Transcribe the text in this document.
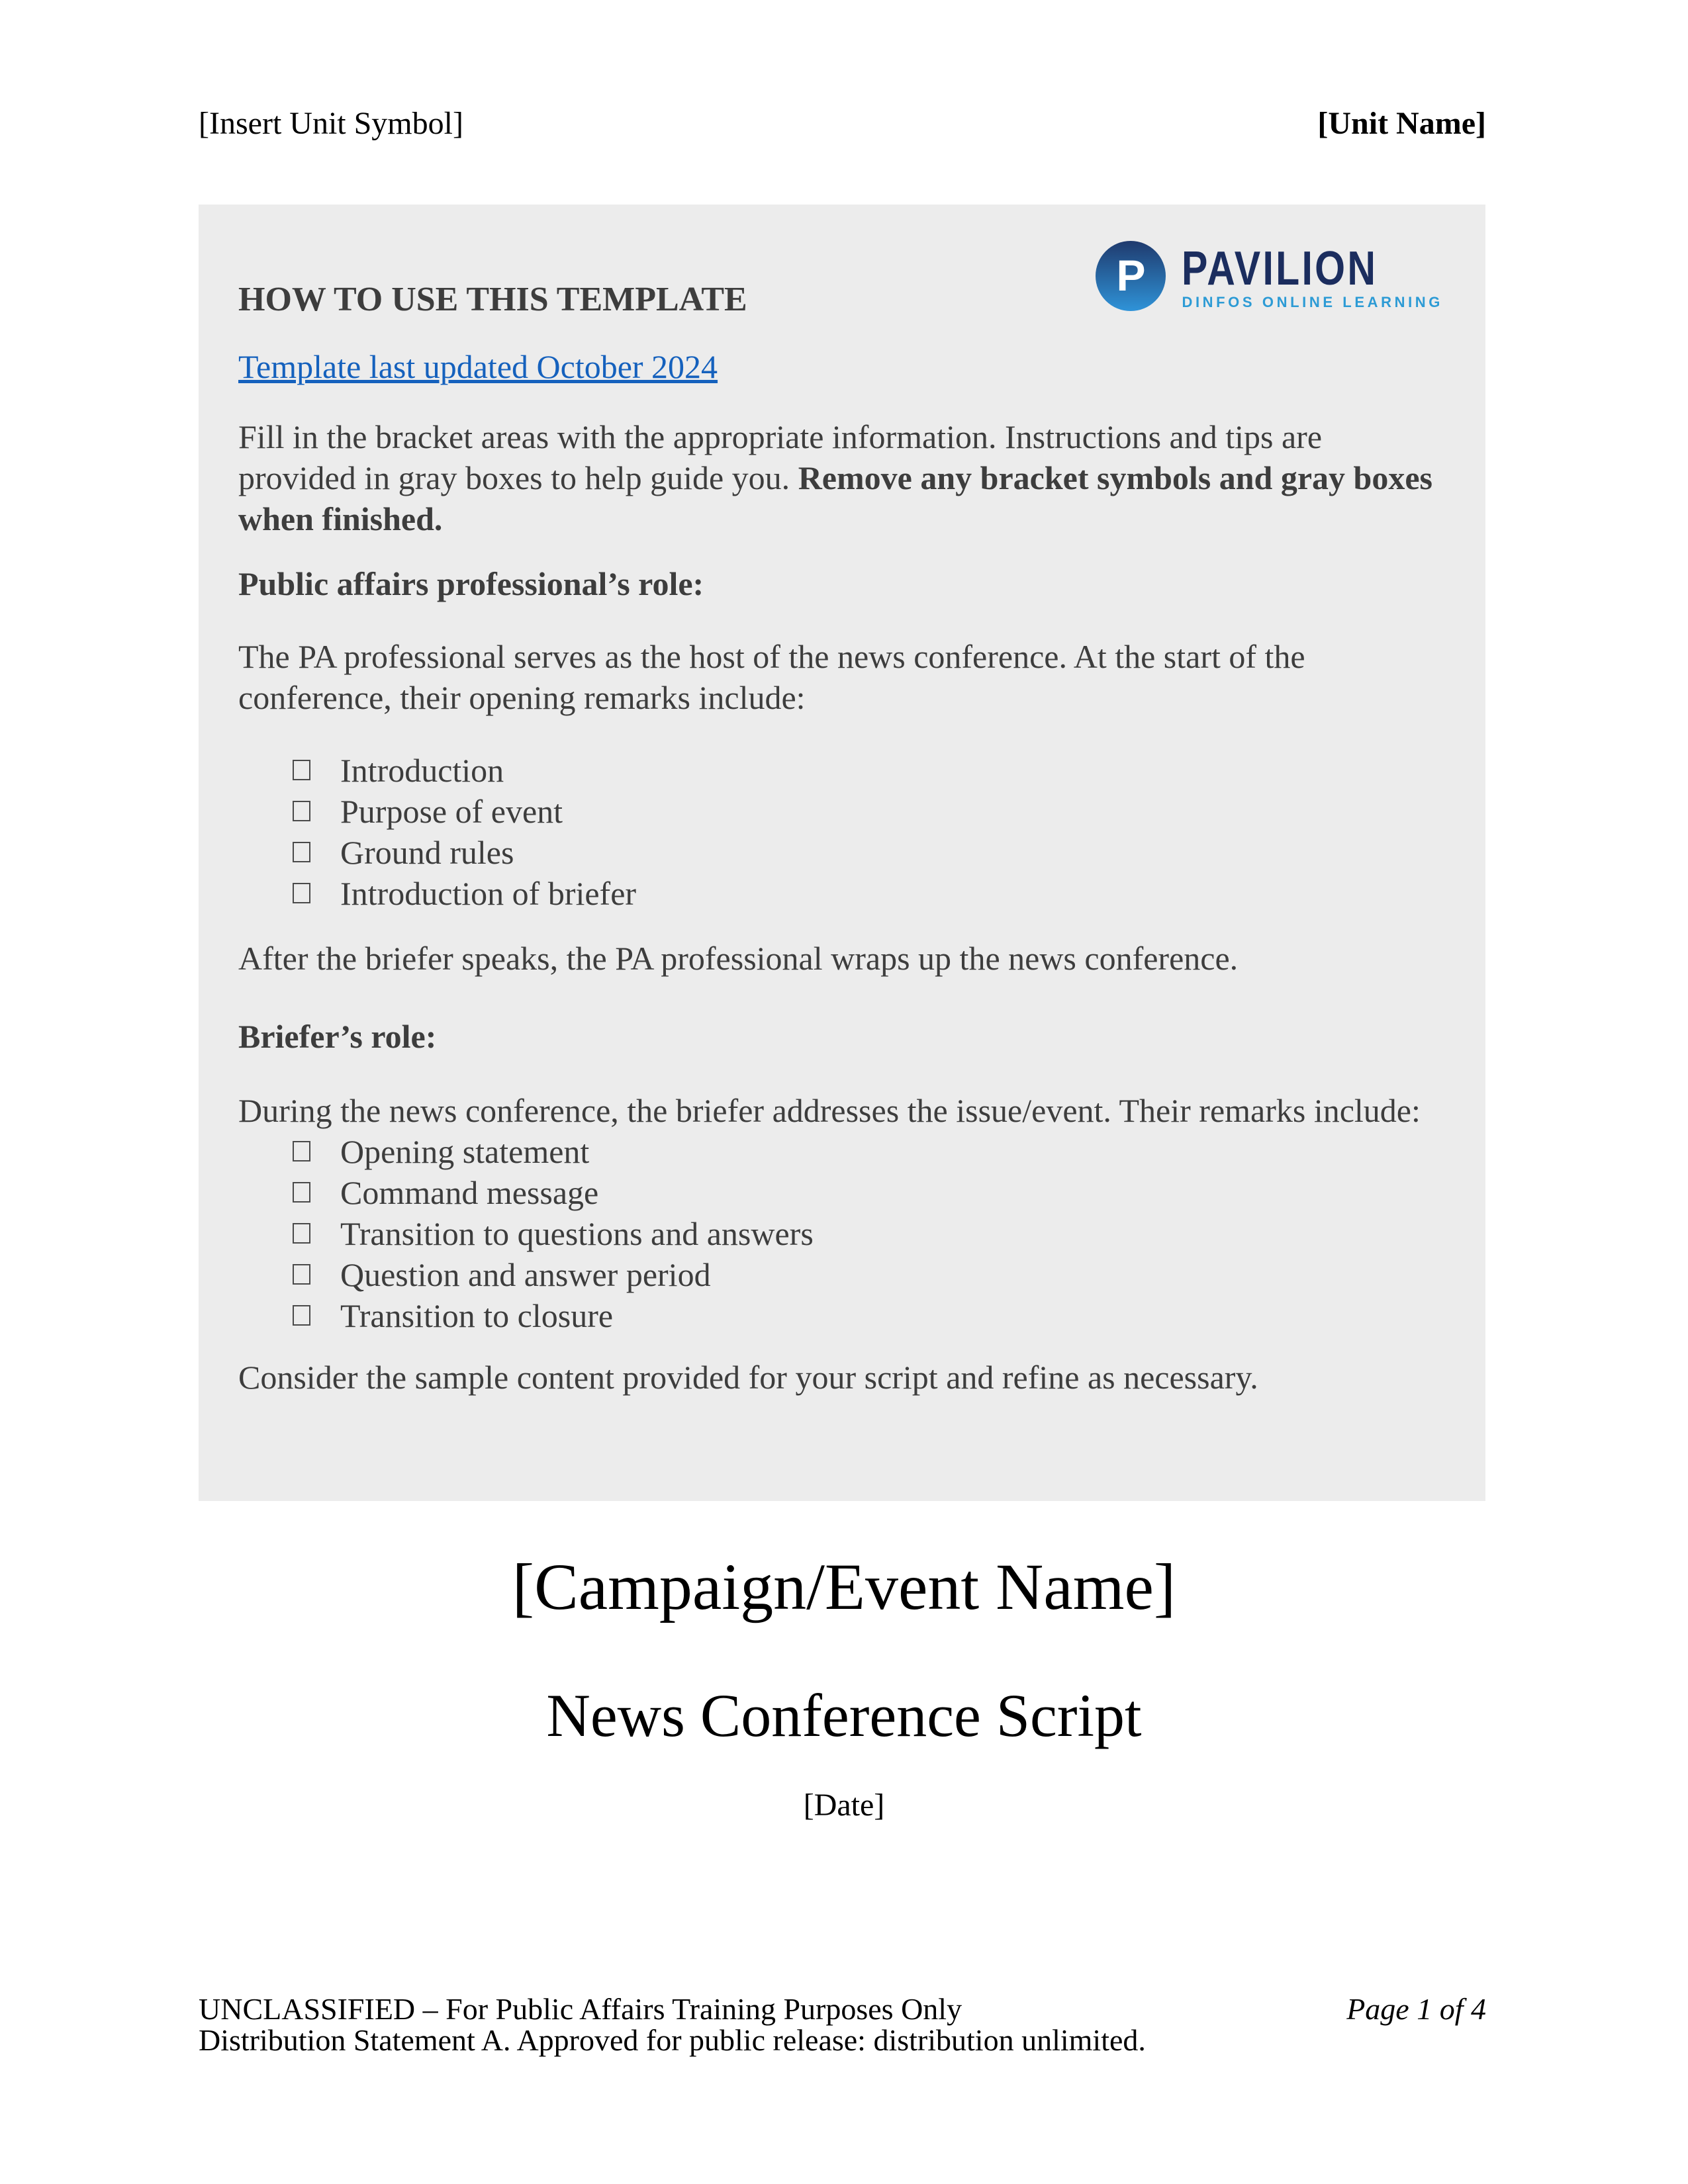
[Insert Unit Symbol]	[Unit Name]
P PAVILION
DINFOS ONLINE LEARNING

HOW TO USE THIS TEMPLATE

Template last updated October 2024

Fill in the bracket areas with the appropriate information. Instructions and tips are provided in gray boxes to help guide you. Remove any bracket symbols and gray boxes when finished.

Public affairs professional’s role:

The PA professional serves as the host of the news conference. At the start of the conference, their opening remarks include:

Introduction
Purpose of event
Ground rules
Introduction of briefer

After the briefer speaks, the PA professional wraps up the news conference.

Briefer’s role:

During the news conference, the briefer addresses the issue/event. Their remarks include:

Opening statement
Command message
Transition to questions and answers
Question and answer period
Transition to closure

Consider the sample content provided for your script and refine as necessary.

[Campaign/Event Name]
News Conference Script
[Date]
UNCLASSIFIED – For Public Affairs Training Purposes Only	Page 1 of 4
Distribution Statement A. Approved for public release: distribution unlimited.
